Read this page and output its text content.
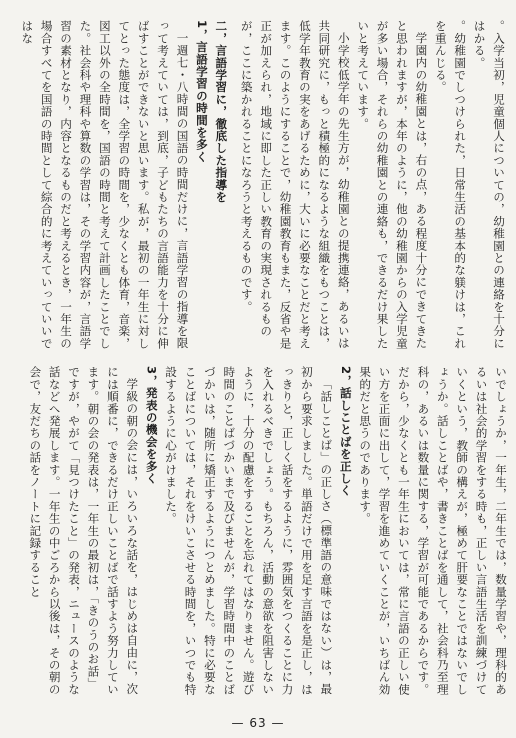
。入学当初，児童個人についての，幼稚園との連絡を十分にはかる。

。幼稚園でしつけられた，日常生活の基本的な躾けは，これを重んじる。

学園内の幼稚園とは，右の点，ある程度十分にできてきたと思われますが，本年のように，他の幼稚園からの入学児童が多い場合，それらの幼稚園との連絡も，できるだけ果したいと考えています。

小学校低学年の先生方が，幼稚園との提携連絡，あるいは共同研究に，もっと積極的になるような組織をもつことは，低学年教育の実をあげるために，大いに必要なことだと考えます。このようにすることで，幼稚園教育もまた，反省や是正が加えられ，地域に即した正しい教育の実現されるものが，ここに築かれることになろうと考えるものです。

二，言語学習に，徹底した指導を

1，言語学習の時間を多く

一週七・八時間の国語の時間だけに，言語学習の指導を限って考えていては，到底，子どもたちの言語能力を十分に伸ばすことができないと思います。私が，最初の一年生に対してとった態度は，全学習の時間を，少なくとも体育，音楽，図工以外の全時間を，国語の時間と考えて計画したことでした。社会科や理科や算数の学習は，その学習内容が，言語学習の素材となり，内容となるものだと考えるとき，一年生の場合すべてを国語の時間として綜合的に考えていっていいではな

いでしょうか，一年生，二年生では，数量学習や，理科的あるいは社会的学習をする時も，正しい言語生活を訓練づけていくという，教師の構えが，極めて肝要なことではないでしょうか。話しことばや，書きことばを通して，社会科乃至理科の，あるいは数量に関する，学習が可能であるからです。だから，少なくとも一年生においては，常に言語の正しい使い方を正面に出して，学習を進めていくことが，いちばん効果的だと思うのであります。

2，話しことばを正しく

「話しことば」の正しさ（標準語の意味ではない）は，最初から要求しました。単語だけで用を足す言語を是正し，はっきりと，正しく話をするように，雰囲気をつくることに力を入れるべきでしょう。もちろん，活動の意欲を阻害しないように，十分の配慮をすることを忘れてはなりません。遊び時間のことばづかいまで及びませんが，学習時間中のことばづかいは，随所に矯正するようにつとめました。特に必要なことばについては，それをけいこさせる時間を，いつでも特設するように心がけました。

3，発表の機会を多く

学級の朝の会には，いろいろな話を，はじめは自由に，次には順番に，できるだけ正しいことばで話すよう努力しています。朝の会の発表は，一年生の最初は，「きのうのお話」ですが，やがて「見つけたこと」の発表，ニュースのような話などへ発展します。一年生の中ごろから以後は，その朝の会で，友だちの話をノートに記録すること

— 63 —
